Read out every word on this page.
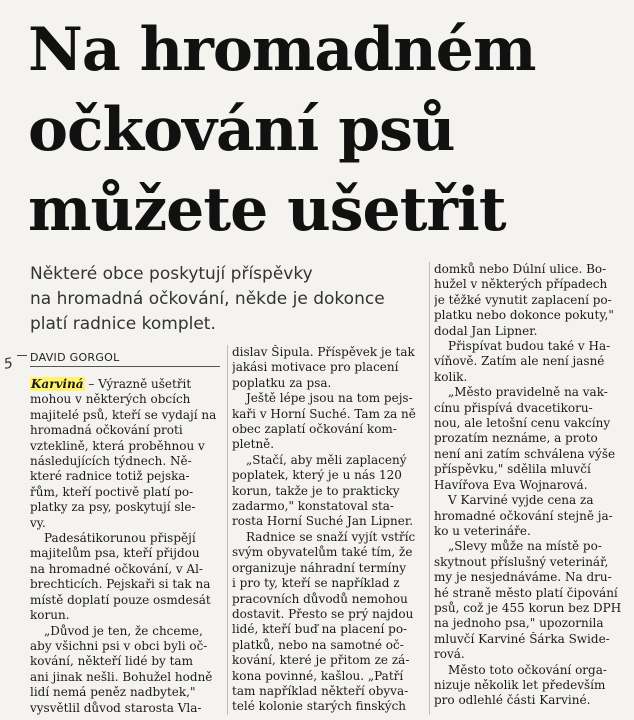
Na hromadném
očkování psů
můžete ušetřit
Některé obce poskytují příspěvky
na hromadná očkování, někde je dokonce
platí radnice komplet.
5 DAVID GORGOL
Karviná – Výrazně ušetřit
mohou v některých obcích
majitelé psů, kteří se vydají na
hromadná očkování proti
vzteklině, která proběhnou v
následujících týdnech. Ně-
které radnice totiž pejska-
řům, kteří poctivě platí po-
platky za psy, poskytují sle-
vy.
Padesátikorunou přispějí
majitelům psa, kteří přijdou
na hromadné očkování, v Al-
brechticích. Pejskaři si tak na
místě doplatí pouze osmdesát
korun.
„Důvod je ten, že chceme,
aby všichni psi v obci byli oč-
kování, někteří lidé by tam
ani jinak nešli. Bohužel hodně
lidí nemá peněz nadbytek,"
vysvětlil důvod starosta Vla-
dislav Šipula. Příspěvek je tak
jakási motivace pro placení
poplatku za psa.
Ještě lépe jsou na tom pejs-
kaři v Horní Suché. Tam za ně
obec zaplatí očkování kom-
pletně.
„Stačí, aby měli zaplacený
poplatek, který je u nás 120
korun, takže je to prakticky
zadarmo," konstatoval sta-
rosta Horní Suché Jan Lipner.
Radnice se snaží vyjít vstříc
svým obyvatelům také tím, že
organizuje náhradní termíny
i pro ty, kteří se například z
pracovních důvodů nemohou
dostavit. Přesto se prý najdou
lidé, kteří buď na placení po-
platků, nebo na samotné oč-
kování, které je přitom ze zá-
kona povinné, kašlou. „Patří
tam například někteří obyva-
telé kolonie starých finských
domků nebo Dúlní ulice. Bo-
hužel v některých případech
je těžké vynutit zaplacení po-
platku nebo dokonce pokuty,"
dodal Jan Lipner.
Přispívat budou také v Ha-
víňově. Zatím ale není jasné
kolik.
„Město pravidelně na vak-
cínu přispívá dvacetikoru-
nou, ale letošní cenu vakcíny
prozatím neznáme, a proto
není ani zatím schválena výše
příspěvku," sdělila mluvčí
Havířova Eva Wojnarová.
V Karviné vyjde cena za
hromadné očkování stejně ja-
ko u veterináře.
„Slevy může na místě po-
skytnout příslušný veterinář,
my je nesjednáváme. Na dru-
hé straně město platí čipování
psů, což je 455 korun bez DPH
na jednoho psa," upozornila
mluvčí Karviné Šárka Swide-
rová.
Město toto očkování orga-
nizuje několik let především
pro odlehlé části Karviné.
